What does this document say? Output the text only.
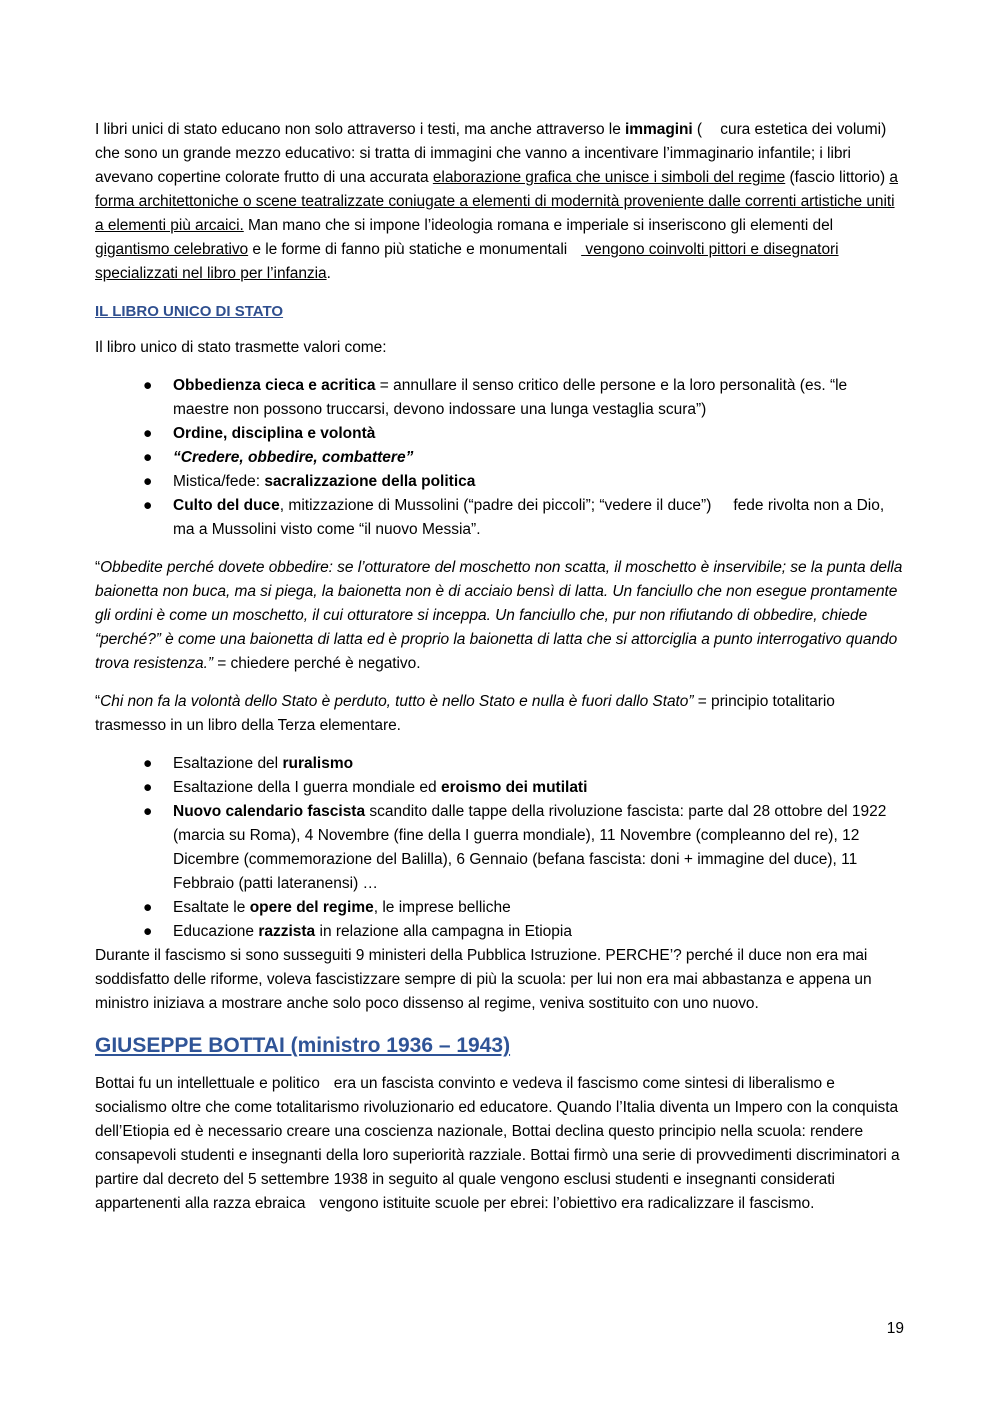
I libri unici di stato educano non solo attraverso i testi, ma anche attraverso le immagini ( cura estetica dei volumi) che sono un grande mezzo educativo: si tratta di immagini che vanno a incentivare l’immaginario infantile; i libri avevano copertine colorate frutto di una accurata elaborazione grafica che unisce i simboli del regime (fascio littorio) a forma architettoniche o scene teatralizzate coniugate a elementi di modernità proveniente dalle correnti artistiche uniti a elementi più arcaici. Man mano che si impone l’ideologia romana e imperiale si inseriscono gli elementi del gigantismo celebrativo e le forme di fanno più statiche e monumentali vengono coinvolti pittori e disegnatori specializzati nel libro per l’infanzia.

IL LIBRO UNICO DI STATO

Il libro unico di stato trasmette valori come:

● Obbedienza cieca e acritica = annullare il senso critico delle persone e la loro personalità (es. “le maestre non possono truccarsi, devono indossare una lunga vestaglia scura”)
● Ordine, disciplina e volontà
● “Credere, obbedire, combattere”
● Mistica/fede: sacralizzazione della politica
● Culto del duce, mitizzazione di Mussolini (“padre dei piccoli”; “vedere il duce”) fede rivolta non a Dio, ma a Mussolini visto come “il nuovo Messia”.

“Obbedite perché dovete obbedire: se l’otturatore del moschetto non scatta, il moschetto è inservibile; se la punta della baionetta non buca, ma si piega, la baionetta non è di acciaio bensì di latta. Un fanciullo che non esegue prontamente gli ordini è come un moschetto, il cui otturatore si inceppa. Un fanciullo che, pur non rifiutando di obbedire, chiede “perché?” è come una baionetta di latta ed è proprio la baionetta di latta che si attorciglia a punto interrogativo quando trova resistenza.” = chiedere perché è negativo.

“Chi non fa la volontà dello Stato è perduto, tutto è nello Stato e nulla è fuori dallo Stato” = principio totalitario trasmesso in un libro della Terza elementare.

● Esaltazione del ruralismo
● Esaltazione della I guerra mondiale ed eroismo dei mutilati
● Nuovo calendario fascista scandito dalle tappe della rivoluzione fascista: parte dal 28 ottobre del 1922 (marcia su Roma), 4 Novembre (fine della I guerra mondiale), 11 Novembre (compleanno del re), 12 Dicembre (commemorazione del Balilla), 6 Gennaio (befana fascista: doni + immagine del duce), 11 Febbraio (patti lateranensi) …
● Esaltate le opere del regime, le imprese belliche
● Educazione razzista in relazione alla campagna in Etiopia

Durante il fascismo si sono susseguiti 9 ministeri della Pubblica Istruzione. PERCHE’? perché il duce non era mai soddisfatto delle riforme, voleva fascistizzare sempre di più la scuola: per lui non era mai abbastanza e appena un ministro iniziava a mostrare anche solo poco dissenso al regime, veniva sostituito con uno nuovo.

GIUSEPPE BOTTAI (ministro 1936 – 1943)

Bottai fu un intellettuale e politico era un fascista convinto e vedeva il fascismo come sintesi di liberalismo e socialismo oltre che come totalitarismo rivoluzionario ed educatore. Quando l’Italia diventa un Impero con la conquista dell’Etiopia ed è necessario creare una coscienza nazionale, Bottai declina questo principio nella scuola: rendere consapevoli studenti e insegnanti della loro superiorità razziale. Bottai firmò una serie di provvedimenti discriminatori a partire dal decreto del 5 settembre 1938 in seguito al quale vengono esclusi studenti e insegnanti considerati appartenenti alla razza ebraica vengono istituite scuole per ebrei: l’obiettivo era radicalizzare il fascismo.

19
